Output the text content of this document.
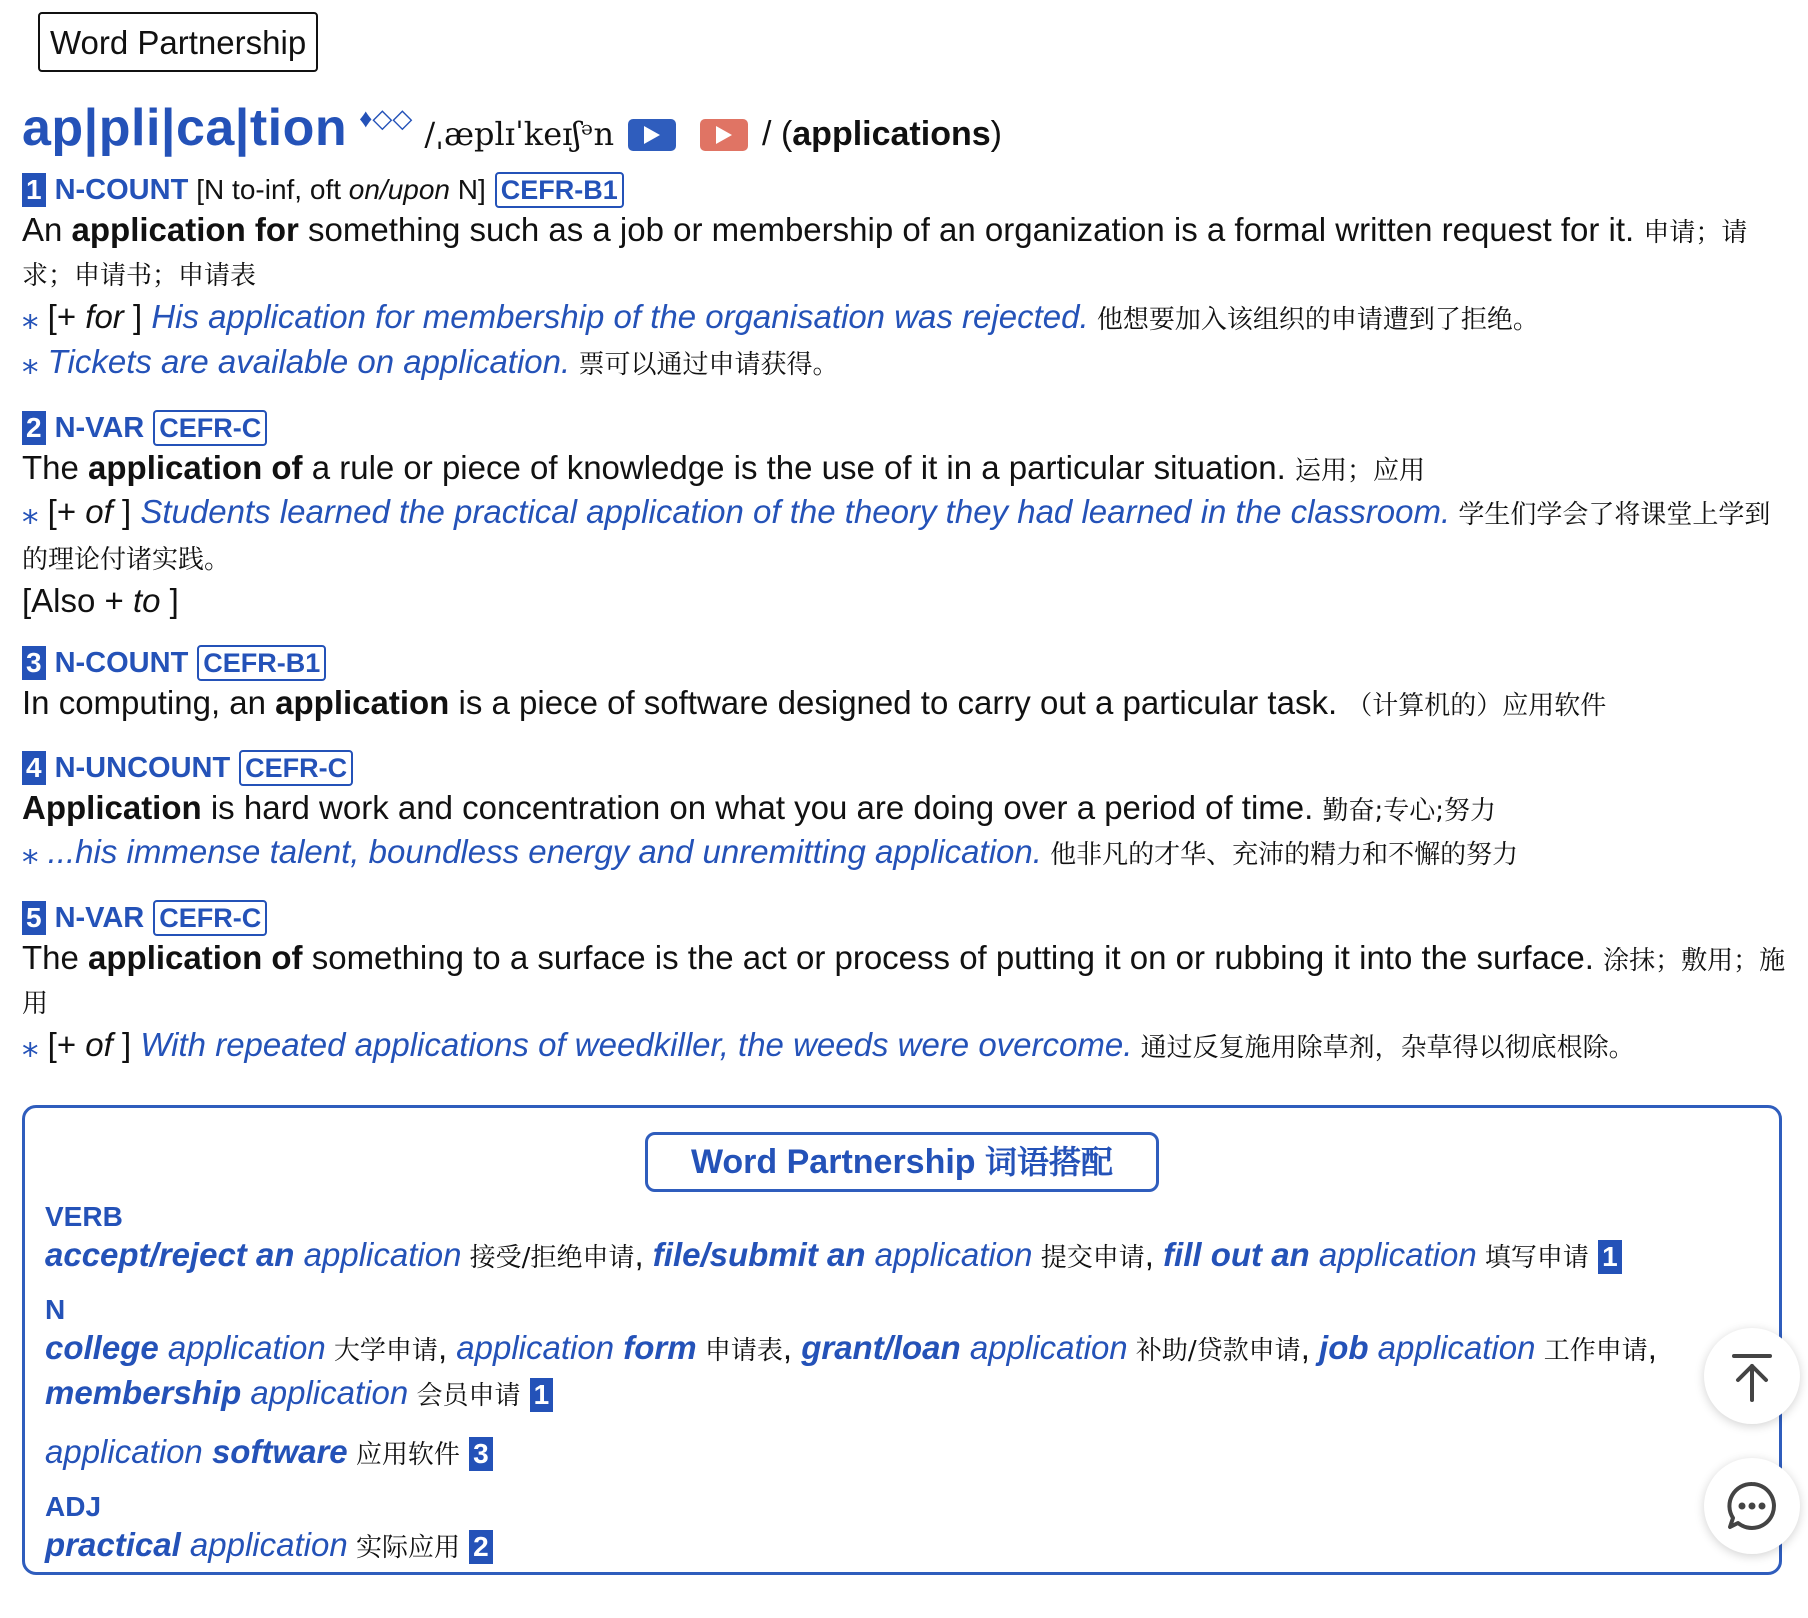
Word Partnership
ap|pli|ca|tion ♦◇◇ /ˌæplɪˈkeɪʃᵊn	/ (applications)
1 N-COUNT [N to-inf, oft on/upon N] CEFR-B1
An application for something such as a job or membership of an organization is a formal written request for it. 申请；请求；申请书；申请表
⁎ [+ for ] His application for membership of the organisation was rejected. 他想要加入该组织的申请遭到了拒绝。
⁎ Tickets are available on application. 票可以通过申请获得。
2 N-VAR CEFR-C
The application of a rule or piece of knowledge is the use of it in a particular situation. 运用；应用
⁎ [+ of ] Students learned the practical application of the theory they had learned in the classroom. 学生们学会了将课堂上学到的理论付诸实践。
[Also + to ]
3 N-COUNT CEFR-B1
In computing, an application is a piece of software designed to carry out a particular task. （计算机的）应用软件
4 N-UNCOUNT CEFR-C
Application is hard work and concentration on what you are doing over a period of time. 勤奋;专心;努力
⁎ ...his immense talent, boundless energy and unremitting application. 他非凡的才华、充沛的精力和不懈的努力
5 N-VAR CEFR-C
The application of something to a surface is the act or process of putting it on or rubbing it into the surface. 涂抹；敷用；施用
⁎ [+ of ] With repeated applications of weedkiller, the weeds were overcome. 通过反复施用除草剂，杂草得以彻底根除。
Word Partnership 词语搭配
VERB
accept/reject an application 接受/拒绝申请, file/submit an application 提交申请, fill out an application 填写申请 1
N
college application 大学申请, application form 申请表, grant/loan application 补助/贷款申请, job application 工作申请, membership application 会员申请 1
application software 应用软件 3
ADJ
practical application 实际应用 2
